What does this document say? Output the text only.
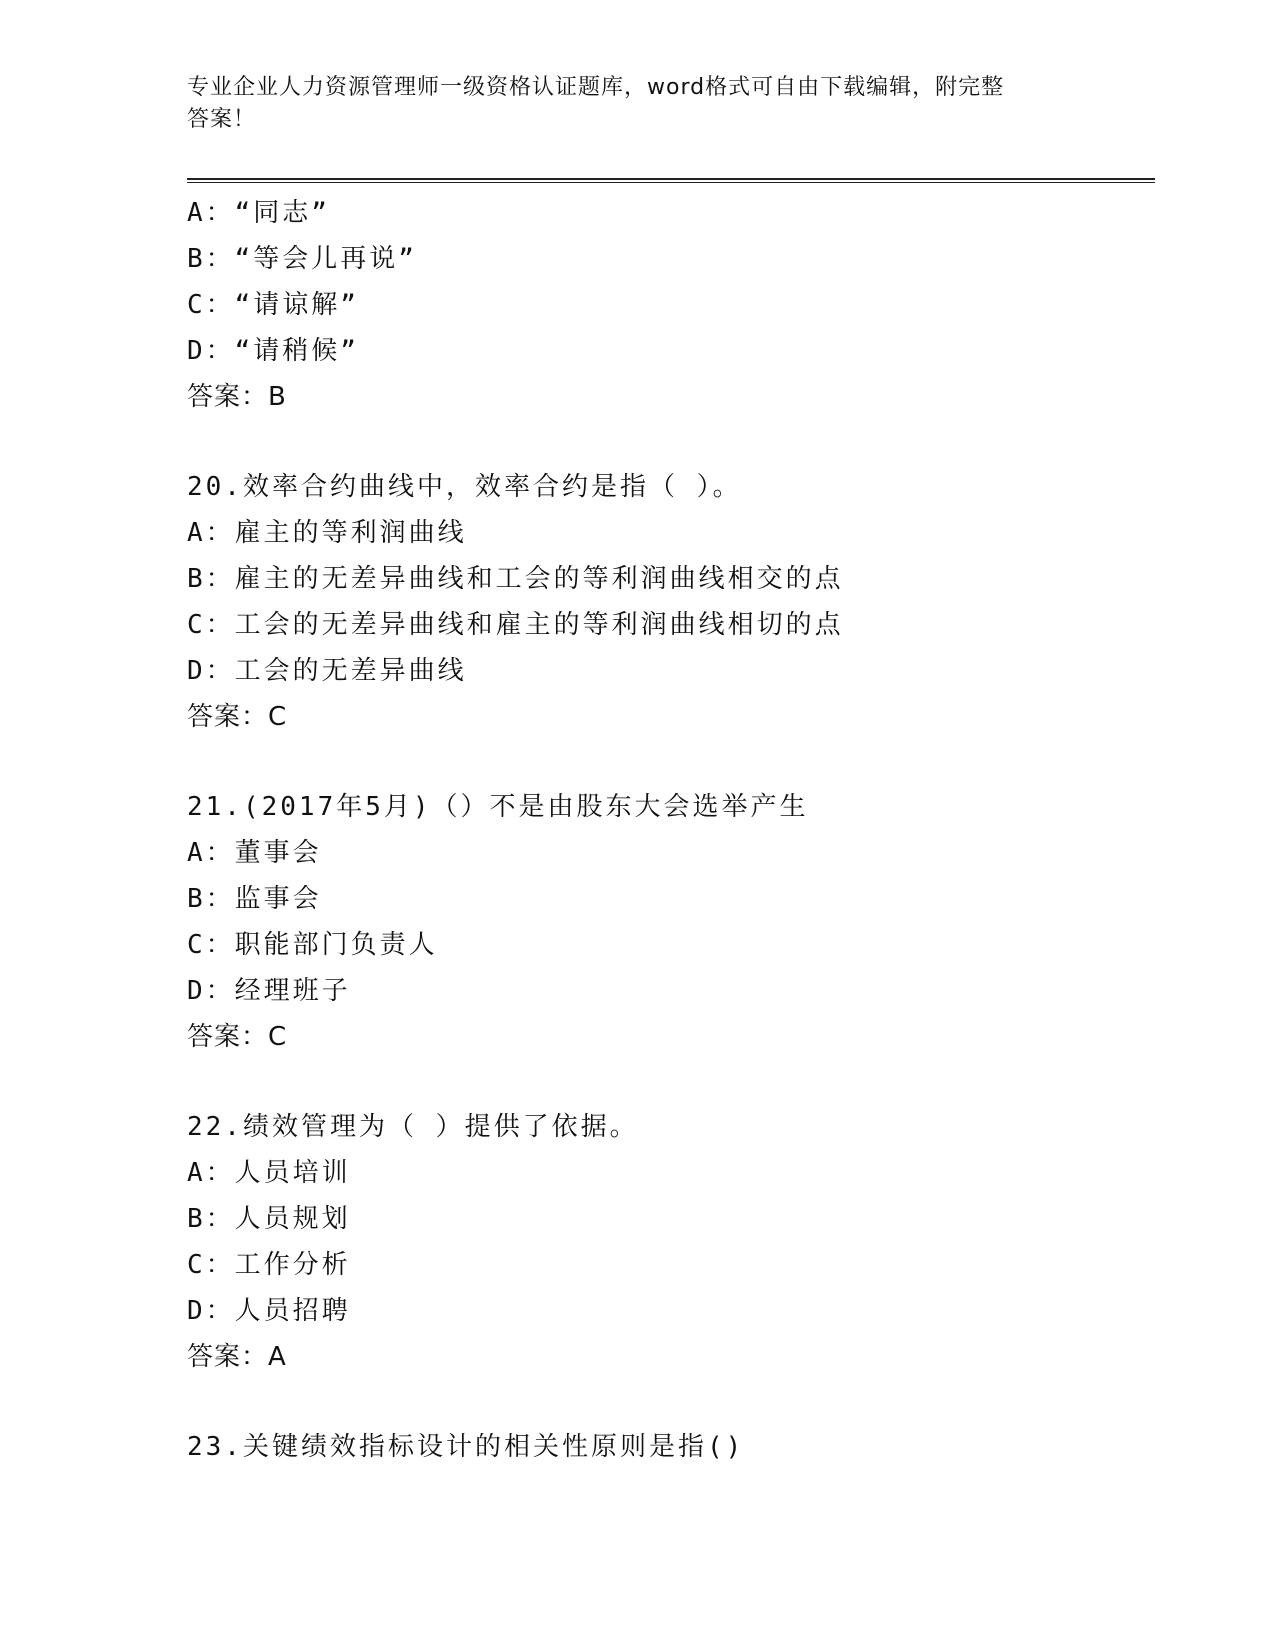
专业企业人力资源管理师一级资格认证题库，word格式可自由下载编辑，附完整
答案！
A：“同志”
B：“等会儿再说”
C：“请谅解”
D：“请稍候”
答案：B
20.效率合约曲线中，效率合约是指（ ）。
A：雇主的等利润曲线
B：雇主的无差异曲线和工会的等利润曲线相交的点
C：工会的无差异曲线和雇主的等利润曲线相切的点
D：工会的无差异曲线
答案：C
21.(2017年5月)（）不是由股东大会选举产生
A：董事会
B：监事会
C：职能部门负责人
D：经理班子
答案：C
22.绩效管理为（ ）提供了依据。
A：人员培训
B：人员规划
C：工作分析
D：人员招聘
答案：A
23.关键绩效指标设计的相关性原则是指()
